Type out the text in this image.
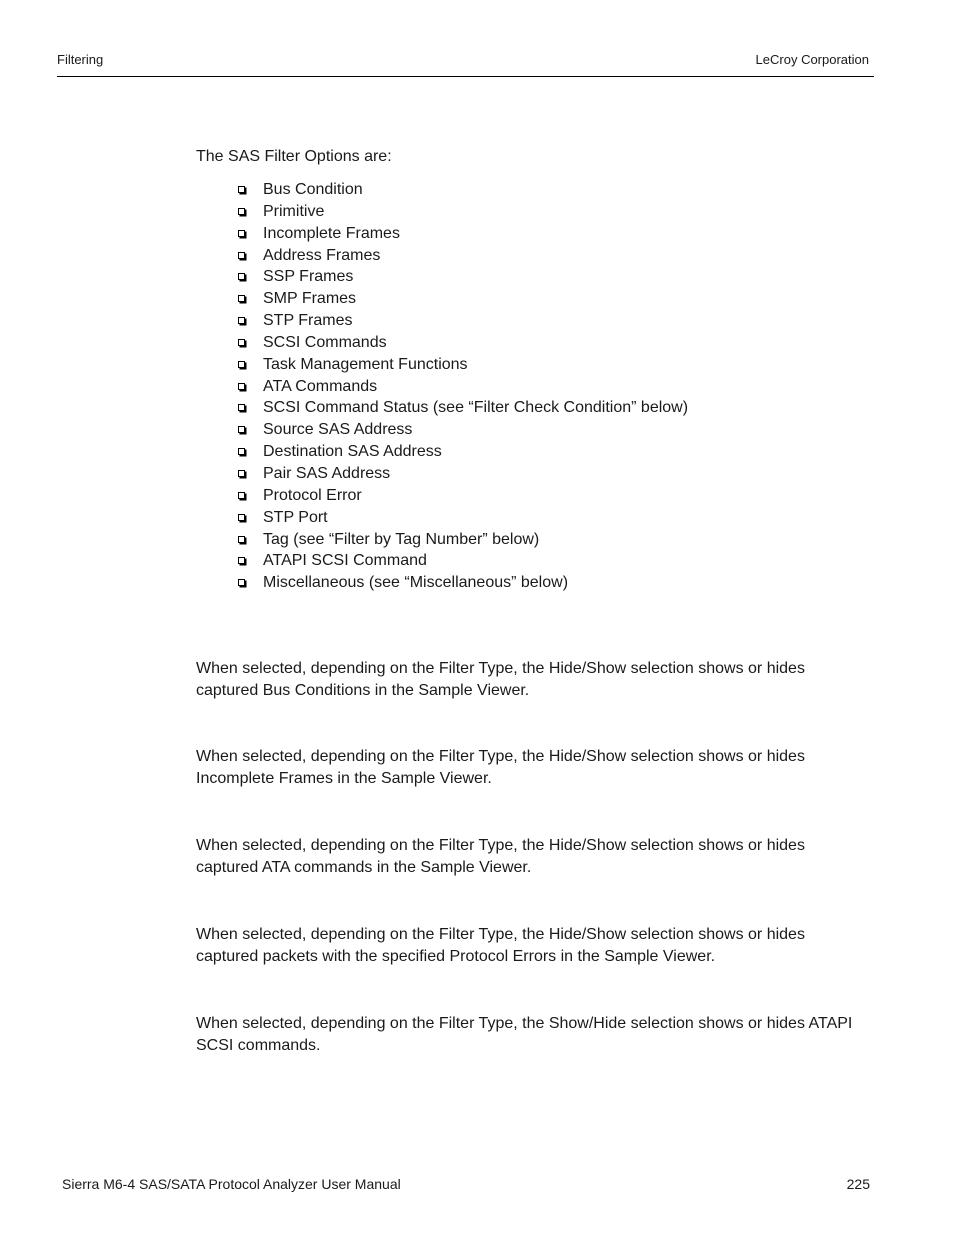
Filtering	LeCroy Corporation

The SAS Filter Options are:

Bus Condition
Primitive
Incomplete Frames
Address Frames
SSP Frames
SMP Frames
STP Frames
SCSI Commands
Task Management Functions
ATA Commands
SCSI Command Status (see “Filter Check Condition” below)
Source SAS Address
Destination SAS Address
Pair SAS Address
Protocol Error
STP Port
Tag (see “Filter by Tag Number” below)
ATAPI SCSI Command
Miscellaneous (see “Miscellaneous” below)

When selected, depending on the Filter Type, the Hide/Show selection shows or hides captured Bus Conditions in the Sample Viewer.

When selected, depending on the Filter Type, the Hide/Show selection shows or hides Incomplete Frames in the Sample Viewer.

When selected, depending on the Filter Type, the Hide/Show selection shows or hides captured ATA commands in the Sample Viewer.

When selected, depending on the Filter Type, the Hide/Show selection shows or hides captured packets with the specified Protocol Errors in the Sample Viewer.

When selected, depending on the Filter Type, the Show/Hide selection shows or hides ATAPI SCSI commands.

Sierra M6-4 SAS/SATA Protocol Analyzer User Manual	225
